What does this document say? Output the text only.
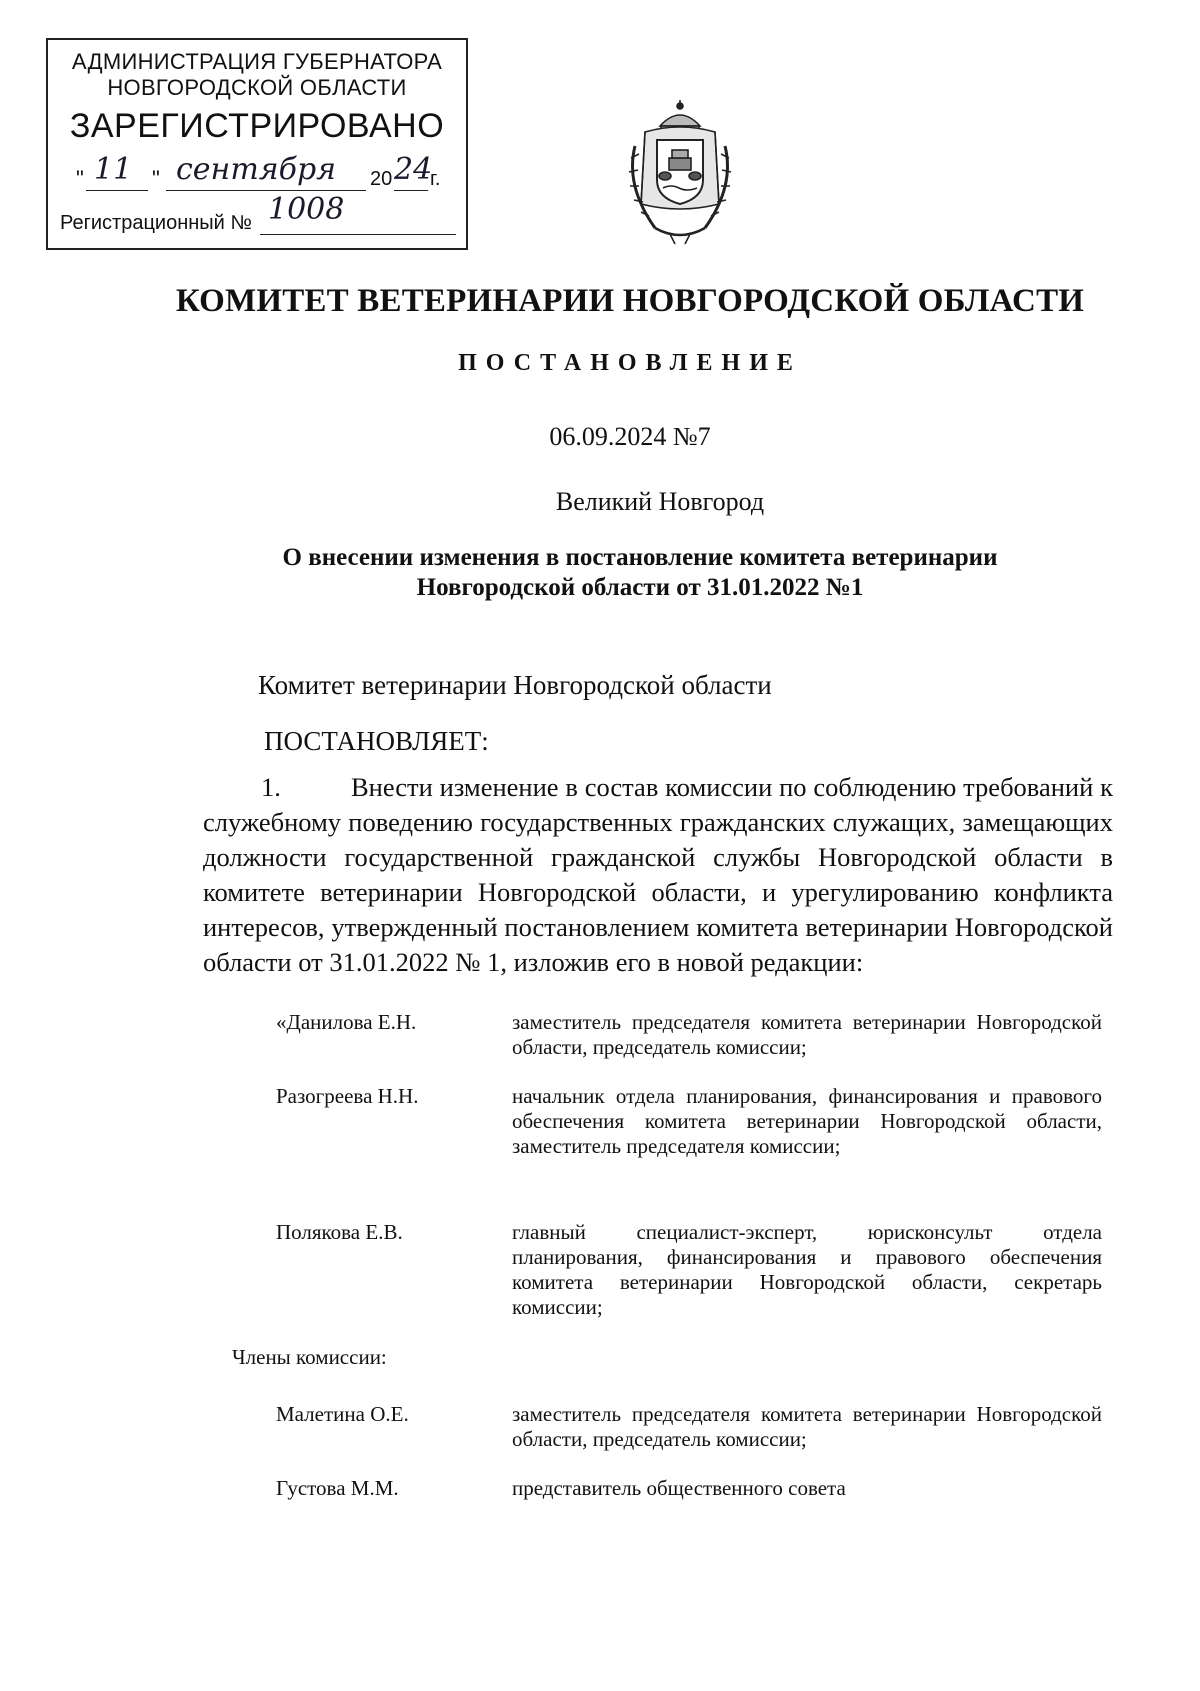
АДМИНИСТРАЦИЯ ГУБЕРНАТОРА
НОВГОРОДСКОЙ ОБЛАСТИ
ЗАРЕГИСТРИРОВАНО
" 11 " сентября 20 24
г.
Регистрационный № 1008
КОМИТЕТ ВЕТЕРИНАРИИ НОВГОРОДСКОЙ ОБЛАСТИ
ПОСТАНОВЛЕНИЕ
06.09.2024 №7
Великий Новгород
О внесении изменения в постановление комитета ветеринарии
Новгородской области от 31.01.2022 №1
Комитет ветеринарии Новгородской области
ПОСТАНОВЛЯЕТ:
1.	Внести изменение в состав комиссии по соблюдению требований к служебному поведению государственных гражданских служащих, замещающих должности государственной гражданской службы Новгородской области в комитете ветеринарии Новгородской области, и урегулированию конфликта интересов, утвержденный постановлением комитета ветеринарии Новгородской области от 31.01.2022 № 1, изложив его в новой редакции:
«Данилова Е.Н.	заместитель председателя комитета ветеринарии Новгородской области, председатель комиссии;
Разогреева Н.Н.	начальник отдела планирования, финансирования и правового обеспечения комитета ветеринарии Новгородской области, заместитель председателя комиссии;
Полякова Е.В.	главный специалист-эксперт, юрисконсульт отдела планирования, финансирования и правового обеспечения комитета ветеринарии Новгородской области, секретарь комиссии;
Члены комиссии:
Малетина О.Е.	заместитель председателя комитета ветеринарии Новгородской области, председатель комиссии;
Густова М.М.	представитель общественного совета
